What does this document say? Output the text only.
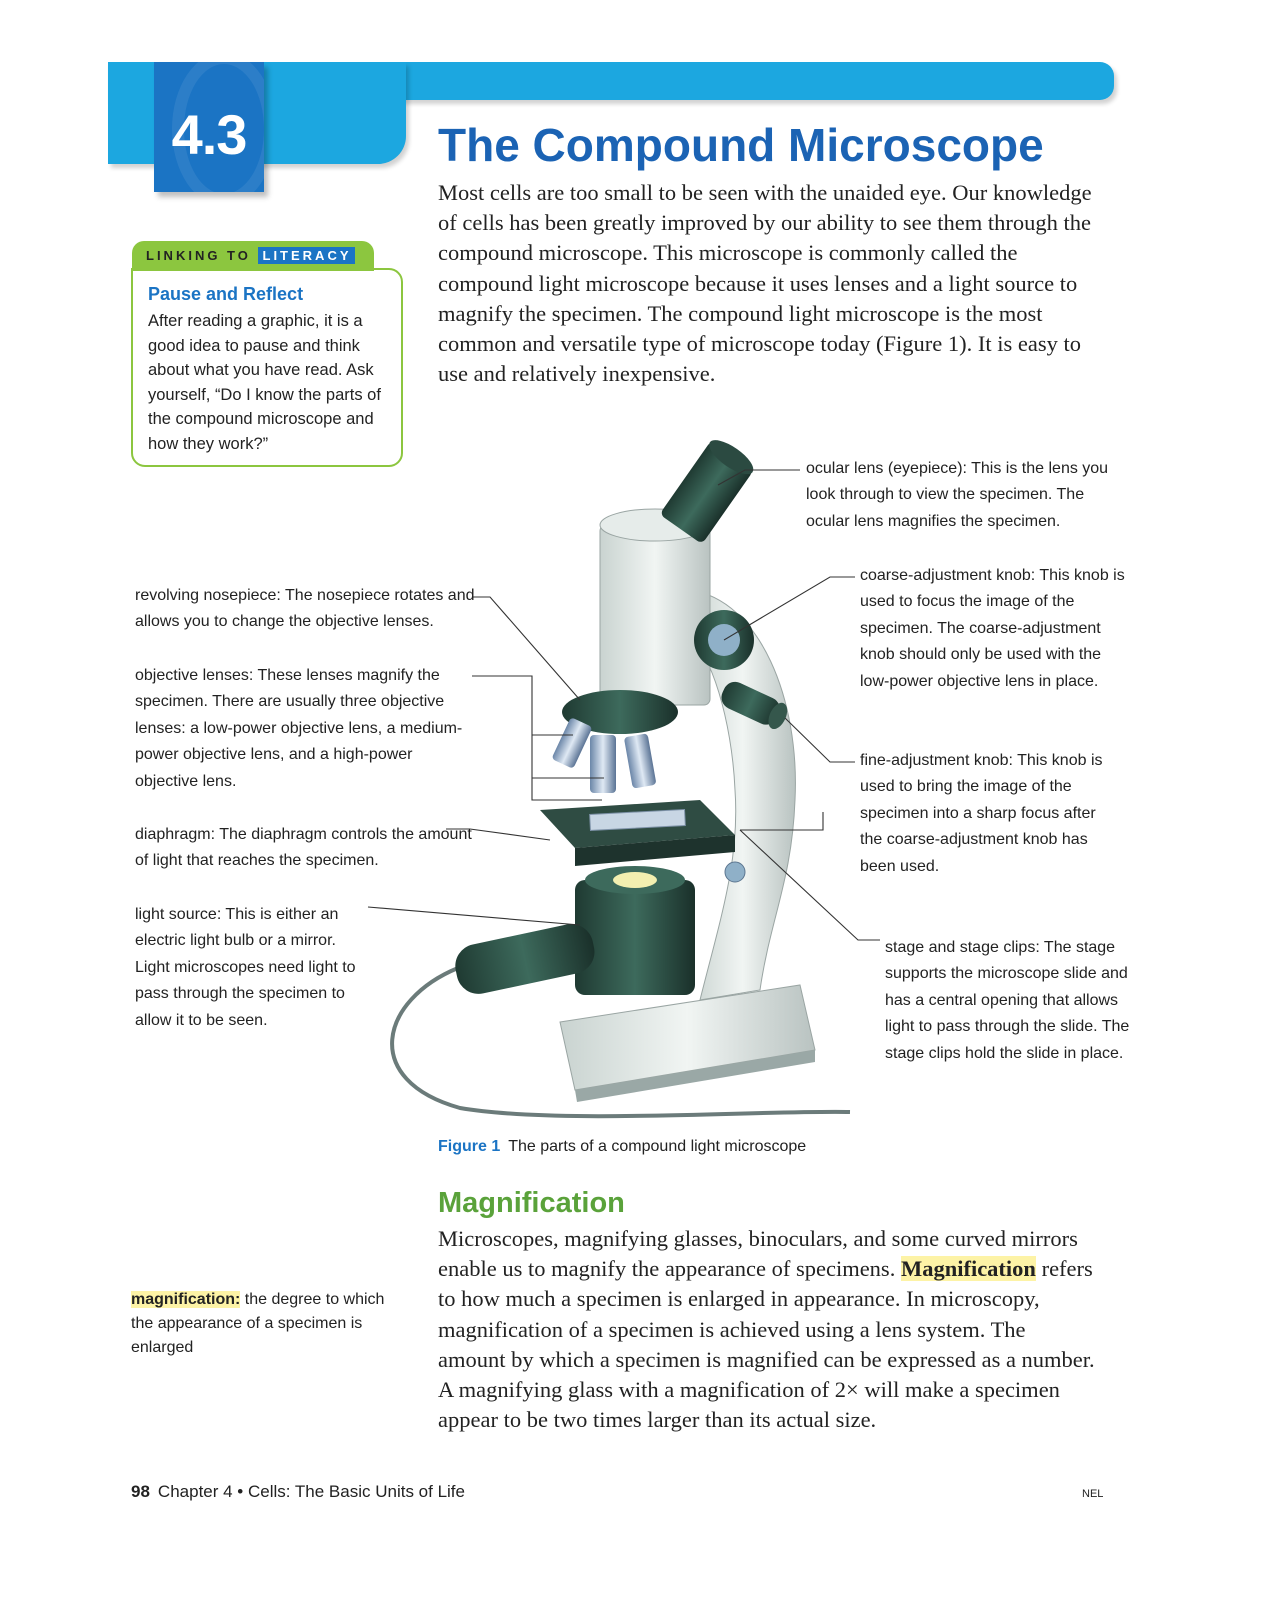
4.3	The Compound Microscope
Most cells are too small to be seen with the unaided eye. Our knowledge of cells has been greatly improved by our ability to see them through the compound microscope. This microscope is commonly called the compound light microscope because it uses lenses and a light source to magnify the specimen. The compound light microscope is the most common and versatile type of microscope today (Figure 1). It is easy to use and relatively inexpensive.
LINKING TO LITERACY
Pause and Reflect
After reading a graphic, it is a good idea to pause and think about what you have read. Ask yourself, “Do I know the parts of the compound microscope and how they work?”
ocular lens (eyepiece): This is the lens you look through to view the specimen. The ocular lens magnifies the specimen.
coarse-adjustment knob: This knob is used to focus the image of the specimen. The coarse-adjustment knob should only be used with the low-power objective lens in place.
fine-adjustment knob: This knob is used to bring the image of the specimen into a sharp focus after the coarse-adjustment knob has been used.
stage and stage clips: The stage supports the microscope slide and has a central opening that allows light to pass through the slide. The stage clips hold the slide in place.
revolving nosepiece: The nosepiece rotates and allows you to change the objective lenses.
objective lenses: These lenses magnify the specimen. There are usually three objective lenses: a low-power objective lens, a medium-power objective lens, and a high-power objective lens.
diaphragm: The diaphragm controls the amount of light that reaches the specimen.
light source: This is either an electric light bulb or a mirror. Light microscopes need light to pass through the specimen to allow it to be seen.
Figure 1 The parts of a compound light microscope
Magnification
Microscopes, magnifying glasses, binoculars, and some curved mirrors enable us to magnify the appearance of specimens. Magnification refers to how much a specimen is enlarged in appearance. In microscopy, magnification of a specimen is achieved using a lens system. The amount by which a specimen is magnified can be expressed as a number. A magnifying glass with a magnification of 2× will make a specimen appear to be two times larger than its actual size.
magnification: the degree to which the appearance of a specimen is enlarged
98 Chapter 4 • Cells: The Basic Units of Life	NEL
